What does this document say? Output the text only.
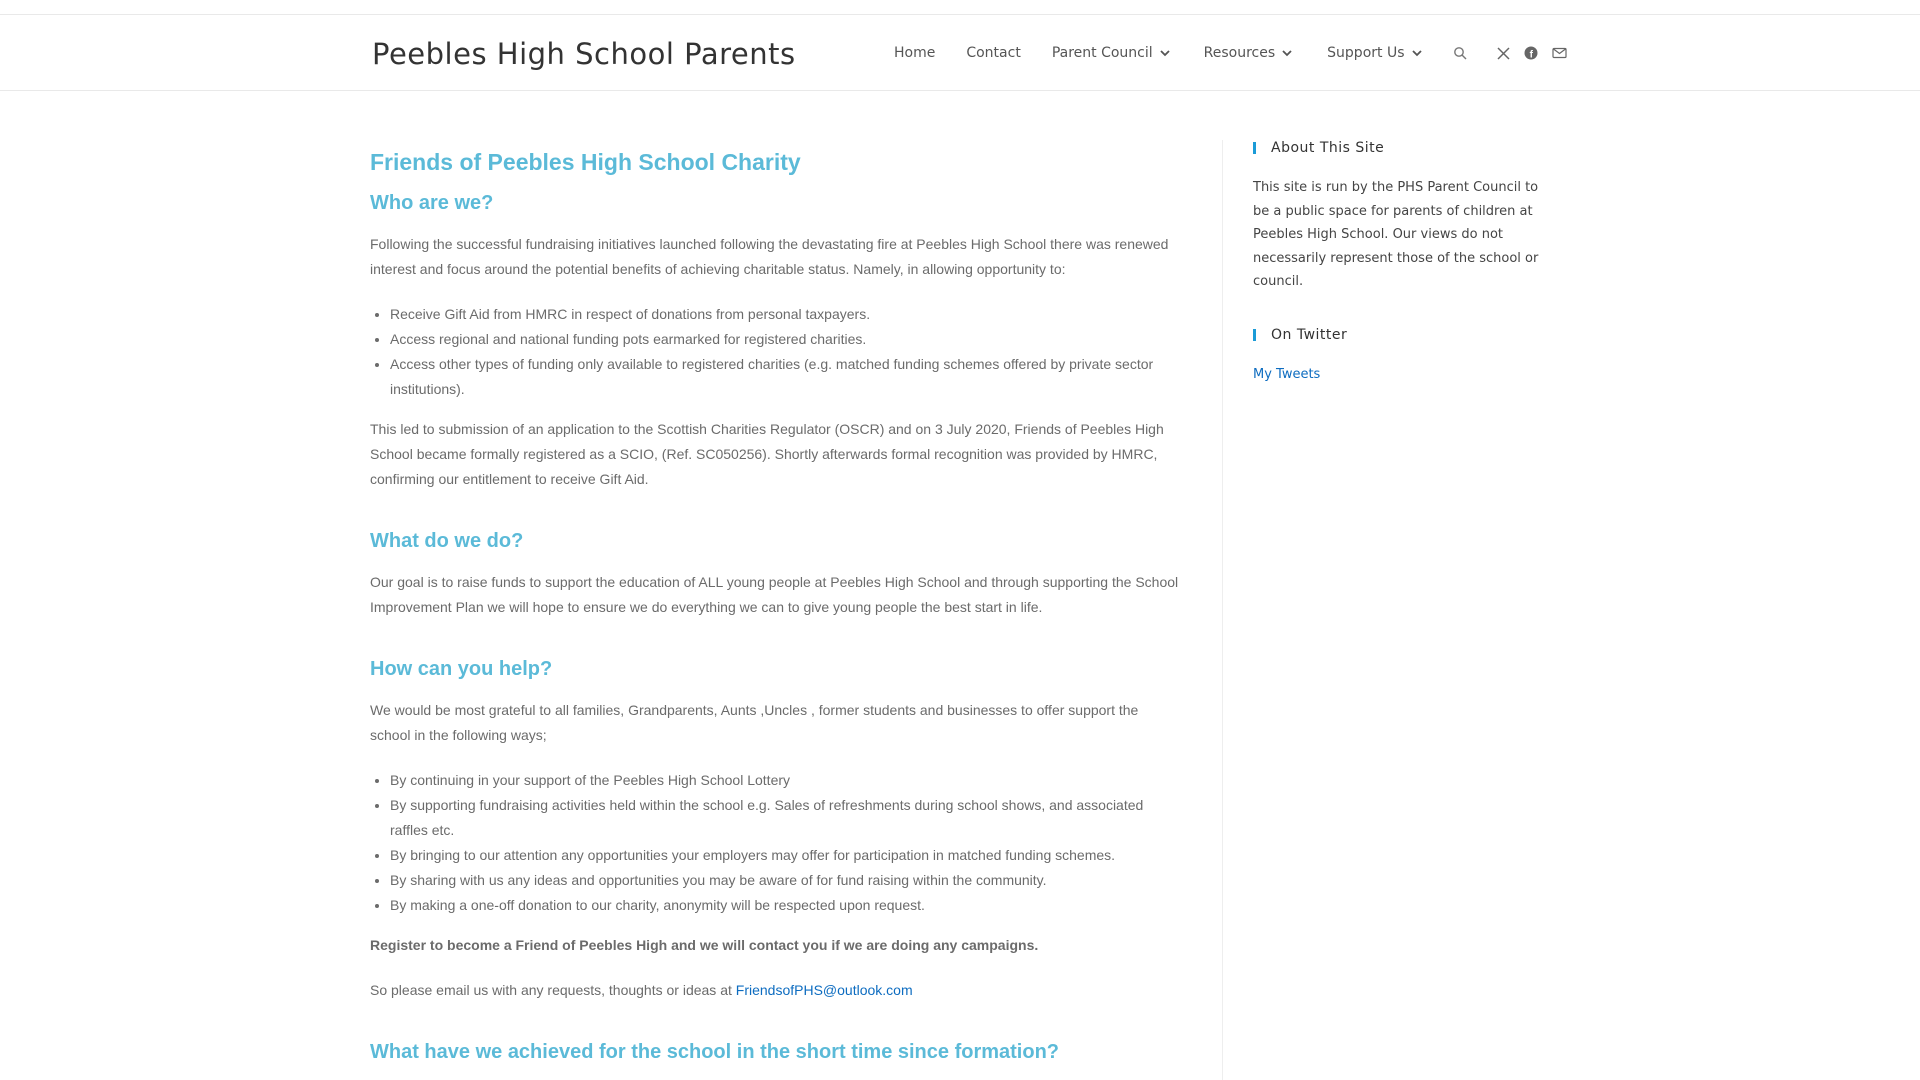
Peebles High School Parents	Home Contact Parent Council	Resources	Support Us	f
Friends of Peebles High School Charity
Who are we?

Following the successful fundraising initiatives launched following the devastating fire at Peebles High School there was renewed interest and focus around the potential benefits of achieving charitable status. Namely, in allowing opportunity to:

• Receive Gift Aid from HMRC in respect of donations from personal taxpayers.
• Access regional and national funding pots earmarked for registered charities.
• Access other types of funding only available to registered charities (e.g. matched funding schemes offered by private sector institutions).

This led to submission of an application to the Scottish Charities Regulator (OSCR) and on 3 July 2020, Friends of Peebles High School became formally registered as a SCIO, (Ref. SC050256). Shortly afterwards formal recognition was provided by HMRC, confirming our entitlement to receive Gift Aid.

What do we do?

Our goal is to raise funds to support the education of ALL young people at Peebles High School and through supporting the School Improvement Plan we will hope to ensure we do everything we can to give young people the best start in life.

How can you help?

We would be most grateful to all families, Grandparents, Aunts ,Uncles , former students and businesses to offer support the school in the following ways;

• By continuing in your support of the Peebles High School Lottery
• By supporting fundraising activities held within the school e.g. Sales of refreshments during school shows, and associated raffles etc.
• By bringing to our attention any opportunities your employers may offer for participation in matched funding schemes.
• By sharing with us any ideas and opportunities you may be aware of for fund raising within the community.
• By making a one-off donation to our charity, anonymity will be respected upon request.

Register to become a Friend of Peebles High and we will contact you if we are doing any campaigns.

So please email us with any requests, thoughts or ideas at FriendsofPHS@outlook.com

What have we achieved for the school in the short time since formation?
About This Site

This site is run by the PHS Parent Council to be a public space for parents of children at Peebles High School. Our views do not necessarily represent those of the school or council.

On Twitter

My Tweets
